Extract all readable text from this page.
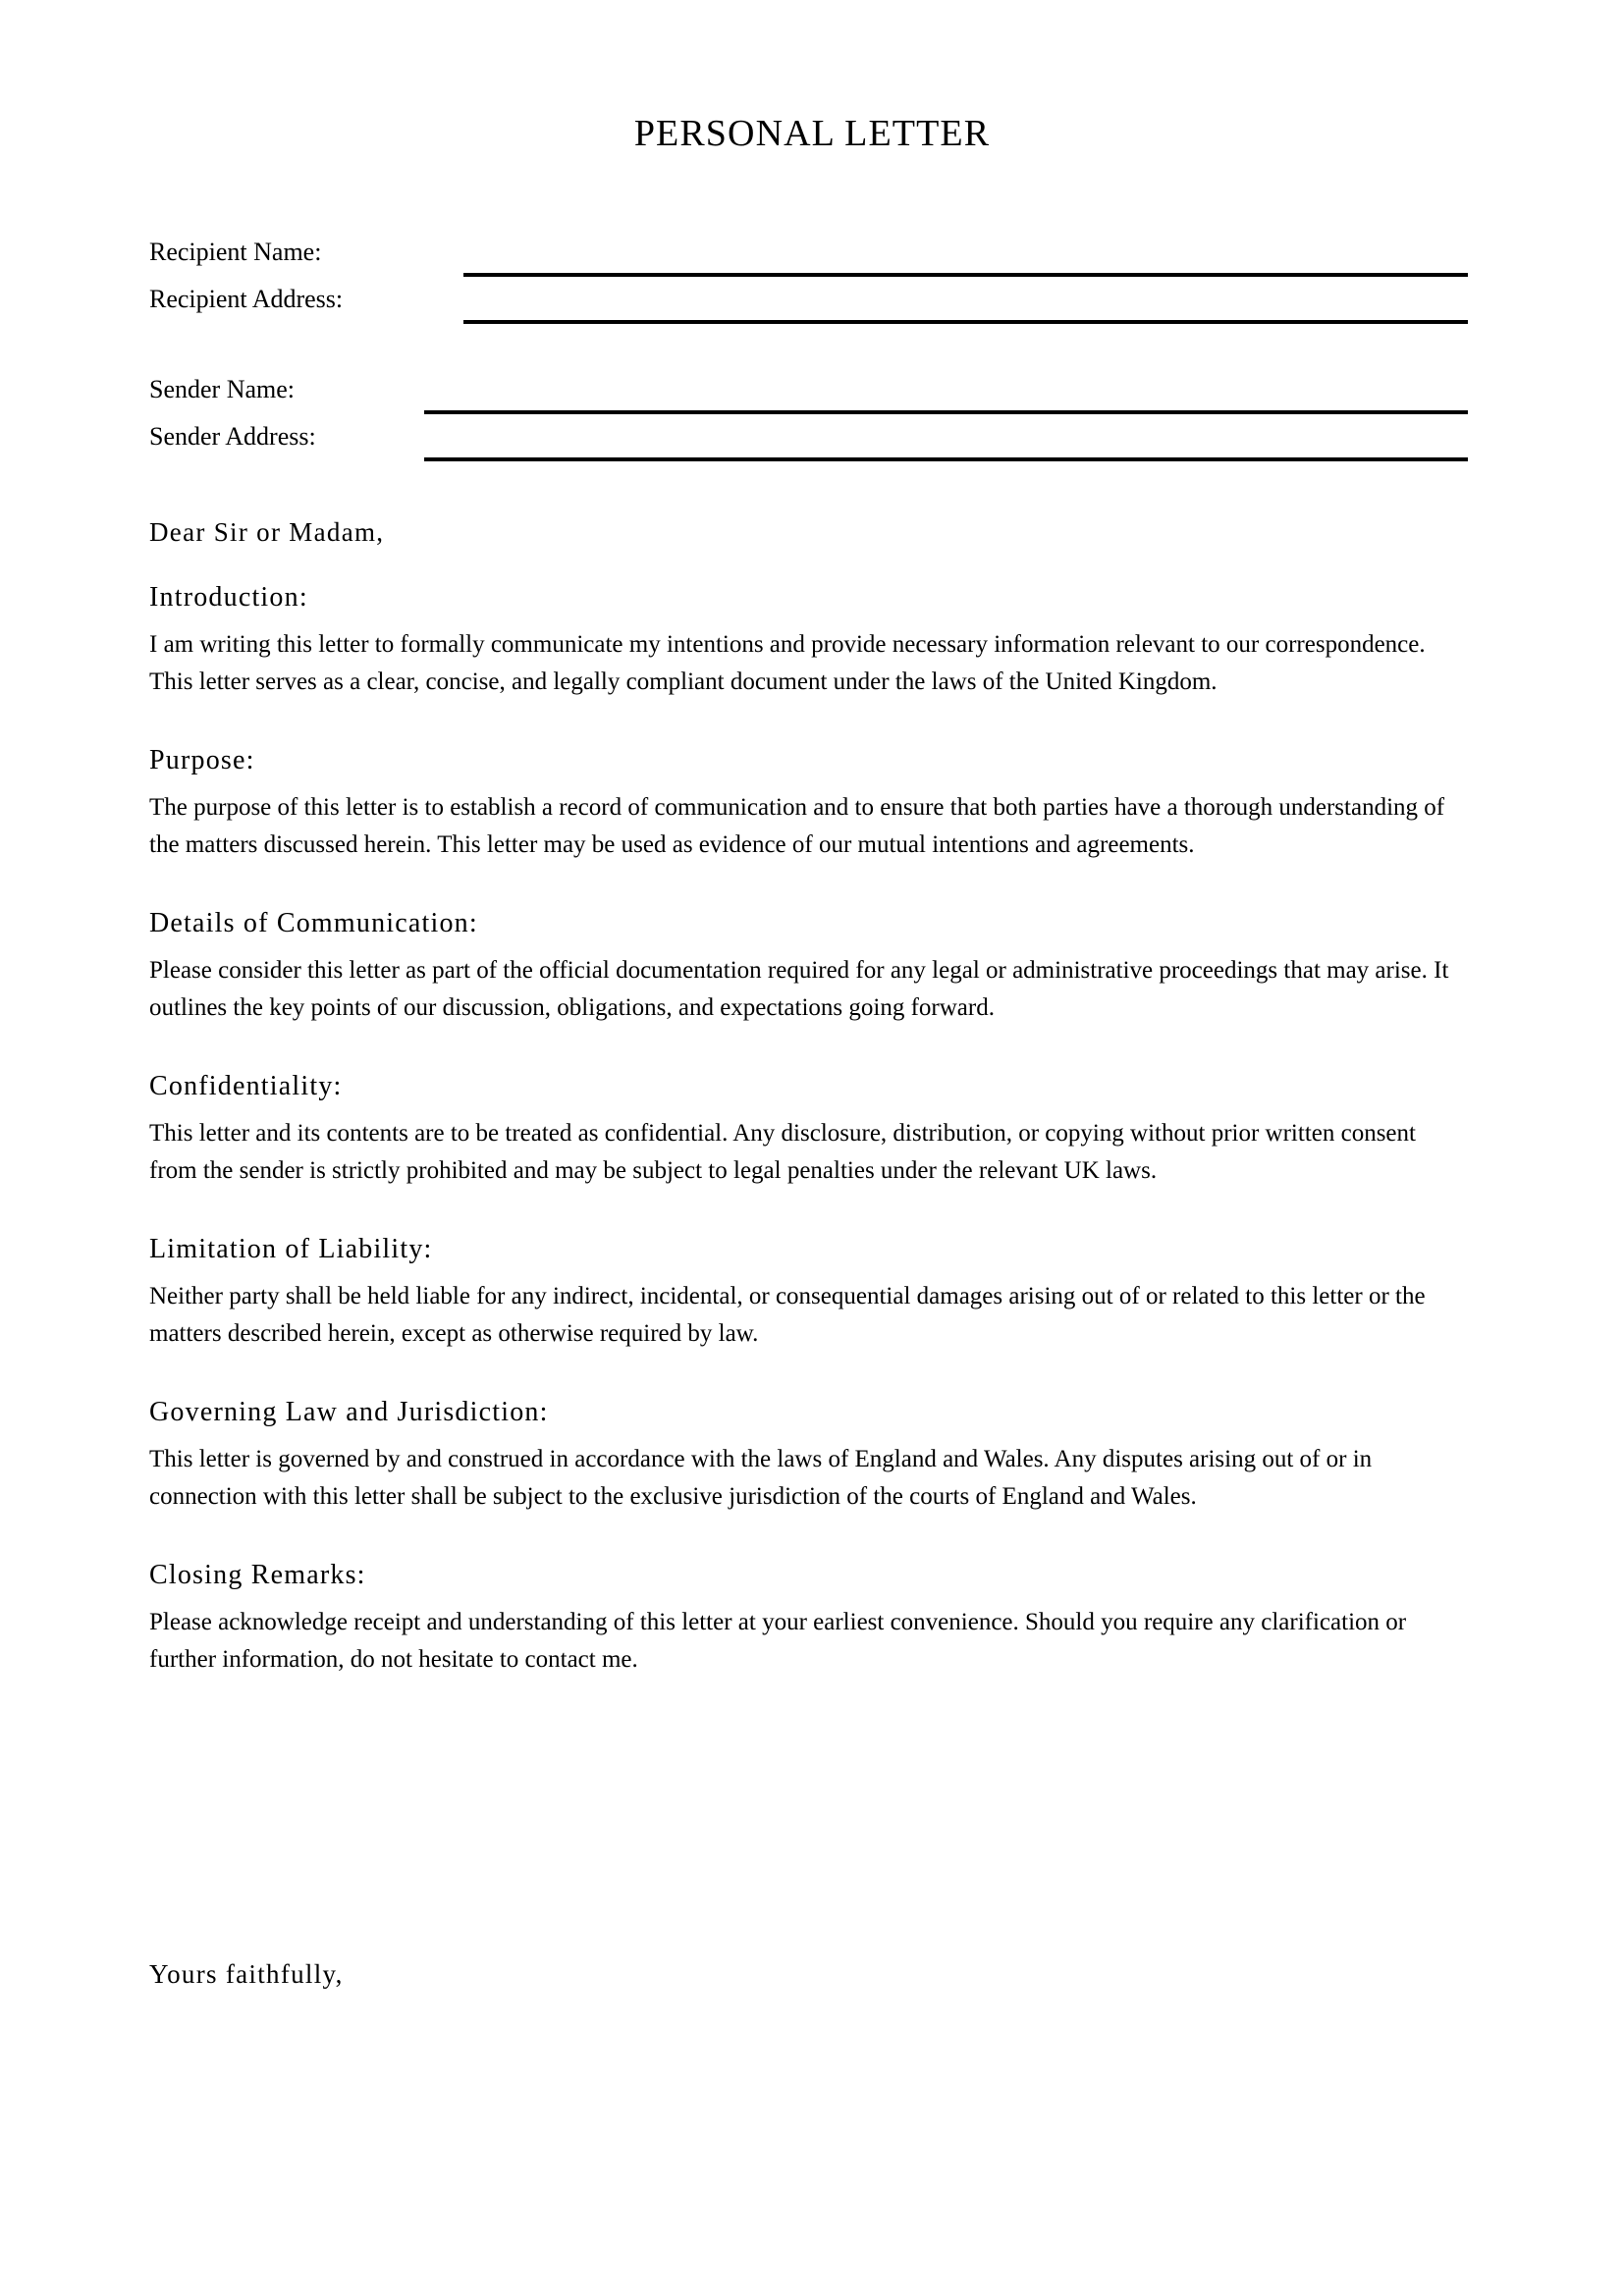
PERSONAL LETTER
Recipient Name:
Recipient Address:
Sender Name:
Sender Address:
Dear Sir or Madam,
Introduction:

I am writing this letter to formally communicate my intentions and provide necessary information relevant to our correspondence. This letter serves as a clear, concise, and legally compliant document under the laws of the United Kingdom.

Purpose:

The purpose of this letter is to establish a record of communication and to ensure that both parties have a thorough understanding of the matters discussed herein. This letter may be used as evidence of our mutual intentions and agreements.

Details of Communication:

Please consider this letter as part of the official documentation required for any legal or administrative proceedings that may arise. It outlines the key points of our discussion, obligations, and expectations going forward.

Confidentiality:

This letter and its contents are to be treated as confidential. Any disclosure, distribution, or copying without prior written consent from the sender is strictly prohibited and may be subject to legal penalties under the relevant UK laws.

Limitation of Liability:

Neither party shall be held liable for any indirect, incidental, or consequential damages arising out of or related to this letter or the matters described herein, except as otherwise required by law.

Governing Law and Jurisdiction:

This letter is governed by and construed in accordance with the laws of England and Wales. Any disputes arising out of or in connection with this letter shall be subject to the exclusive jurisdiction of the courts of England and Wales.

Closing Remarks:

Please acknowledge receipt and understanding of this letter at your earliest convenience. Should you require any clarification or further information, do not hesitate to contact me.

Yours faithfully,
